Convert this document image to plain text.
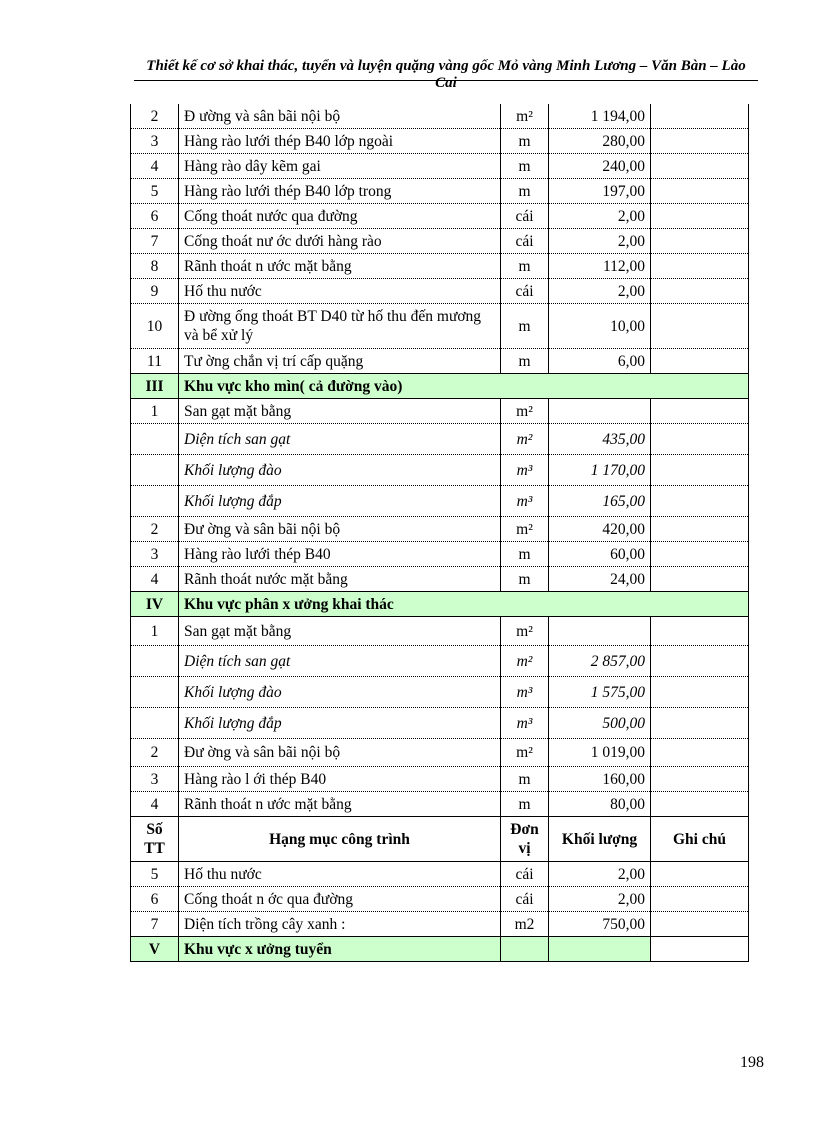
Thiết kế cơ sở khai thác, tuyển và luyện quặng vàng gốc Mỏ vàng Minh Lương – Văn Bàn – Lào Cai
2	Đ ường và sân bãi nội bộ	m²	1 194,00	
3	Hàng rào lưới thép B40 lớp ngoài	m	280,00	
4	Hàng rào dây kẽm gai	m	240,00	
5	Hàng rào lưới thép B40 lớp trong	m	197,00	
6	Cống thoát nước qua đường	cái	2,00	
7	Cống thoát nư ớc dưới hàng rào	cái	2,00	
8	Rãnh thoát n ước mặt bằng	m	112,00	
9	Hố thu nước	cái	2,00	
10	Đ ường ống thoát BT D40 từ hố thu đến mương và bể xử lý	m	10,00	
11	Tư ờng chắn vị trí cấp quặng	m	6,00	
III	Khu vực kho mìn( cả đường vào)			
1	San gạt mặt bằng	m²		
	Diện tích san gạt	m²	435,00	
	Khối lượng đào	m³	1 170,00	
	Khối lượng đắp	m³	165,00	
2	Đư ờng và sân bãi nội bộ	m²	420,00	
3	Hàng rào lưới thép B40	m	60,00	
4	Rãnh thoát nước mặt bằng	m	24,00	
IV	Khu vực phân x ưởng khai thác			
1	San gạt mặt bằng	m²		
	Diện tích san gạt	m²	2 857,00	
	Khối lượng đào	m³	1 575,00	
	Khối lượng đắp	m³	500,00	
2	Đư ờng và sân bãi nội bộ	m²	1 019,00	
3	Hàng rào l ới thép B40	m	160,00	
4	Rãnh thoát n ước mặt bằng	m	80,00	
Số TT	Hạng mục công trình	Đơn vị	Khối lượng	Ghi chú
5	Hố thu nước	cái	2,00	
6	Cống thoát n ớc qua đường	cái	2,00	
7	Diện tích trồng cây xanh :	m2	750,00	
V	Khu vực x ưởng tuyển			
198
